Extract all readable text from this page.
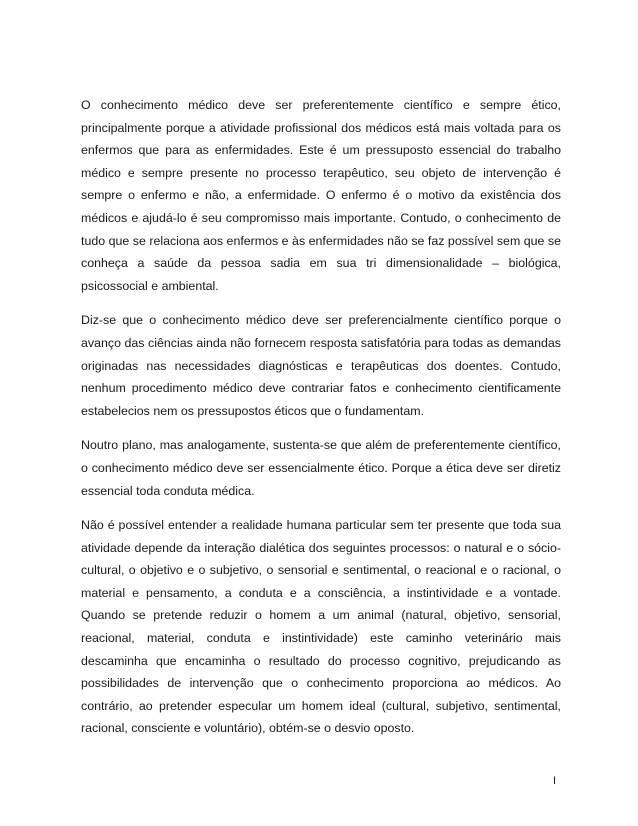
O conhecimento médico deve ser preferentemente científico e sempre ético, principalmente porque a atividade profissional dos médicos está mais voltada para os enfermos que para as enfermidades. Este é um pressuposto essencial do trabalho médico e sempre presente no processo terapêutico, seu objeto de intervenção é sempre o enfermo e não, a enfermidade. O enfermo é o motivo da existência dos médicos e ajudá-lo é seu compromisso mais importante. Contudo, o conhecimento de tudo que se relaciona aos enfermos e às enfermidades não se faz possível sem que se conheça a saúde da pessoa sadia em sua tri dimensionalidade – biológica, psicossocial e ambiental.

Diz-se que o conhecimento médico deve ser preferencialmente científico porque o avanço das ciências ainda não fornecem resposta satisfatória para todas as demandas originadas nas necessidades diagnósticas e terapêuticas dos doentes. Contudo, nenhum procedimento médico deve contrariar fatos e conhecimento cientificamente estabelecios nem os pressupostos éticos que o fundamentam.

Noutro plano, mas analogamente, sustenta-se que além de preferentemente científico, o conhecimento médico deve ser essencialmente ético. Porque a ética deve ser diretiz essencial toda conduta médica.

Não é possível entender a realidade humana particular sem ter presente que toda sua atividade depende da interação dialética dos seguintes processos: o natural e o sócio-cultural, o objetivo e o subjetivo, o sensorial e sentimental, o reacional e o racional, o material e pensamento, a conduta e a consciência, a instintividade e a vontade. Quando se pretende reduzir o homem a um animal (natural, objetivo, sensorial, reacional, material, conduta e instintividade) este caminho veterinário mais descaminha que encaminha o resultado do processo cognitivo, prejudicando as possibilidades de intervenção que o conhecimento proporciona ao médicos. Ao contrário, ao pretender especular um homem ideal (cultural, subjetivo, sentimental, racional, consciente e voluntário), obtém-se o desvio oposto.

I
